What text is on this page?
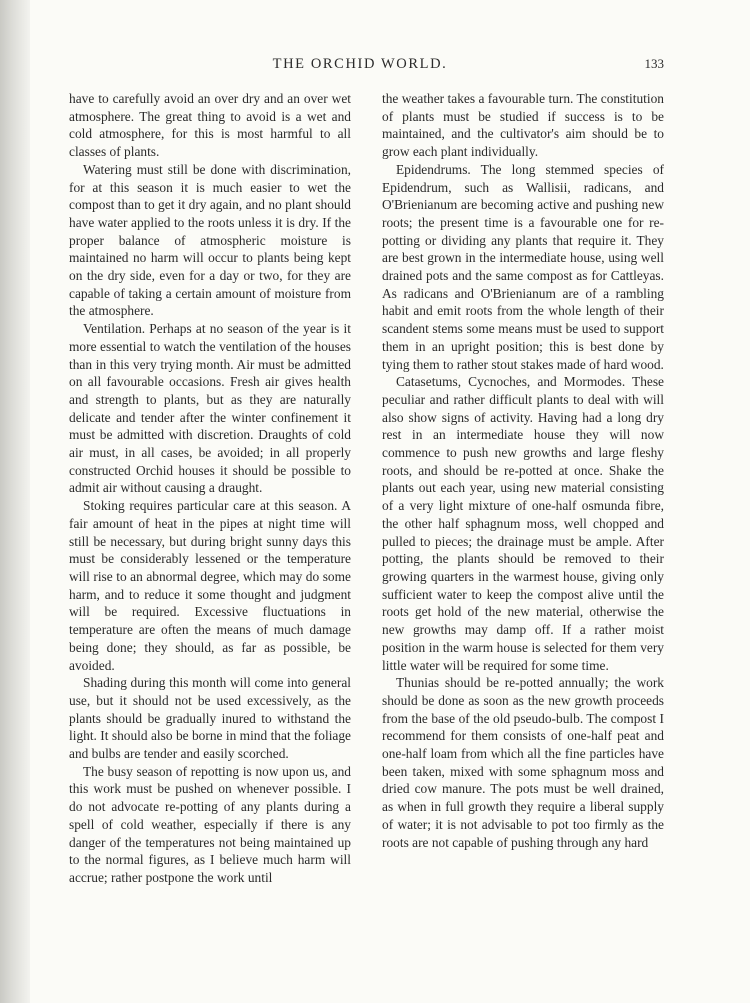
THE ORCHID WORLD.	133

have to carefully avoid an over dry and an over wet atmosphere. The great thing to avoid is a wet and cold atmosphere, for this is most harmful to all classes of plants.

Watering must still be done with discrimination, for at this season it is much easier to wet the compost than to get it dry again, and no plant should have water applied to the roots unless it is dry. If the proper balance of atmospheric moisture is maintained no harm will occur to plants being kept on the dry side, even for a day or two, for they are capable of taking a certain amount of moisture from the atmosphere.

Ventilation. Perhaps at no season of the year is it more essential to watch the ventilation of the houses than in this very trying month. Air must be admitted on all favourable occasions. Fresh air gives health and strength to plants, but as they are naturally delicate and tender after the winter confinement it must be admitted with discretion. Draughts of cold air must, in all cases, be avoided; in all properly constructed Orchid houses it should be possible to admit air without causing a draught.

Stoking requires particular care at this season. A fair amount of heat in the pipes at night time will still be necessary, but during bright sunny days this must be considerably lessened or the temperature will rise to an abnormal degree, which may do some harm, and to reduce it some thought and judgment will be required. Excessive fluctuations in temperature are often the means of much damage being done; they should, as far as possible, be avoided.

Shading during this month will come into general use, but it should not be used excessively, as the plants should be gradually inured to withstand the light. It should also be borne in mind that the foliage and bulbs are tender and easily scorched.

The busy season of repotting is now upon us, and this work must be pushed on whenever possible. I do not advocate re-potting of any plants during a spell of cold weather, especially if there is any danger of the temperatures not being maintained up to the normal figures, as I believe much harm will accrue; rather postpone the work until

the weather takes a favourable turn. The constitution of plants must be studied if success is to be maintained, and the cultivator's aim should be to grow each plant individually.

Epidendrums. The long stemmed species of Epidendrum, such as Wallisii, radicans, and O'Brienianum are becoming active and pushing new roots; the present time is a favourable one for re-potting or dividing any plants that require it. They are best grown in the intermediate house, using well drained pots and the same compost as for Cattleyas. As radicans and O'Brienianum are of a rambling habit and emit roots from the whole length of their scandent stems some means must be used to support them in an upright position; this is best done by tying them to rather stout stakes made of hard wood.

Catasetums, Cycnoches, and Mormodes. These peculiar and rather difficult plants to deal with will also show signs of activity. Having had a long dry rest in an intermediate house they will now commence to push new growths and large fleshy roots, and should be re-potted at once. Shake the plants out each year, using new material consisting of a very light mixture of one-half osmunda fibre, the other half sphagnum moss, well chopped and pulled to pieces; the drainage must be ample. After potting, the plants should be removed to their growing quarters in the warmest house, giving only sufficient water to keep the compost alive until the roots get hold of the new material, otherwise the new growths may damp off. If a rather moist position in the warm house is selected for them very little water will be required for some time.

Thunias should be re-potted annually; the work should be done as soon as the new growth proceeds from the base of the old pseudo-bulb. The compost I recommend for them consists of one-half peat and one-half loam from which all the fine particles have been taken, mixed with some sphagnum moss and dried cow manure. The pots must be well drained, as when in full growth they require a liberal supply of water; it is not advisable to pot too firmly as the roots are not capable of pushing through any hard
